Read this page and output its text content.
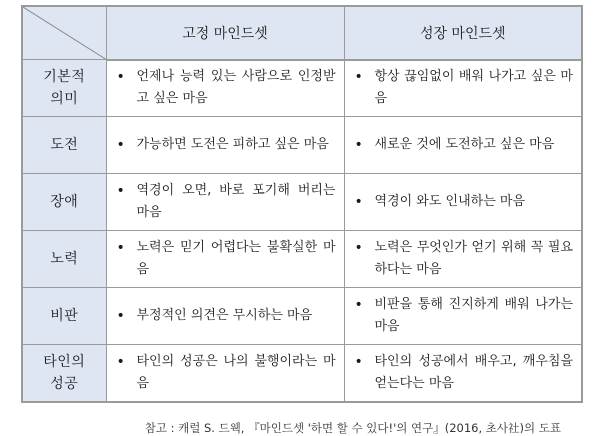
	고정 마인드셋	성장 마인드셋

기본적
의미	• 언제나 능력 있는 사람으로 인정받고 싶은 마음	• 항상 끊임없이 배워 나가고 싶은 마음

도전	• 가능하면 도전은 피하고 싶은 마음	• 새로운 것에 도전하고 싶은 마음

장애	• 역경이 오면, 바로 포기해 버리는 마음	• 역경이 와도 인내하는 마음

노력	• 노력은 믿기 어렵다는 불확실한 마음	• 노력은 무엇인가 얻기 위해 꼭 필요하다는 마음

비판	• 부정적인 의견은 무시하는 마음	• 비판을 통해 진지하게 배워 나가는 마음

타인의
성공	• 타인의 성공은 나의 불행이라는 마음	• 타인의 성공에서 배우고, 깨우침을 얻는다는 마음
참고 : 캐럴 S. 드웩, 『마인드셋 '하면 할 수 있다!'의 연구』(2016, 초사社)의 도표
